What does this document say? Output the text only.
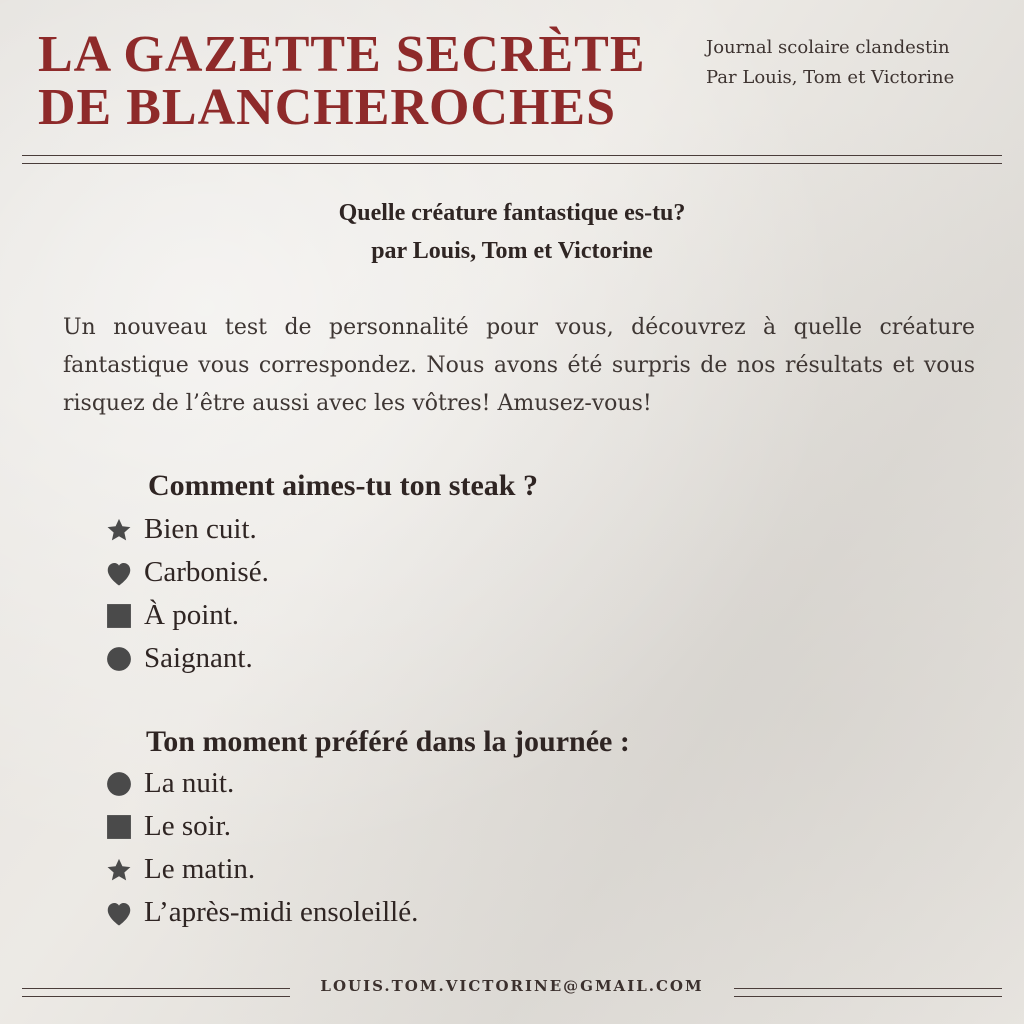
LA GAZETTE SECRÈTE
DE BLANCHEROCHES
Journal scolaire clandestin
Par Louis, Tom et Victorine
Quelle créature fantastique es-tu?
par Louis, Tom et Victorine

Un nouveau test de personnalité pour vous, découvrez à quelle créature fantastique vous correspondez. Nous avons été surpris de nos résultats et vous risquez de l’être aussi avec les vôtres! Amusez-vous!

Comment aimes-tu ton steak ?
Bien cuit.
Carbonisé.
À point.
Saignant.
Ton moment préféré dans la journée :
La nuit.
Le soir.
Le matin.
L’après-midi ensoleillé.
LOUIS.TOM.VICTORINE@GMAIL.COM
